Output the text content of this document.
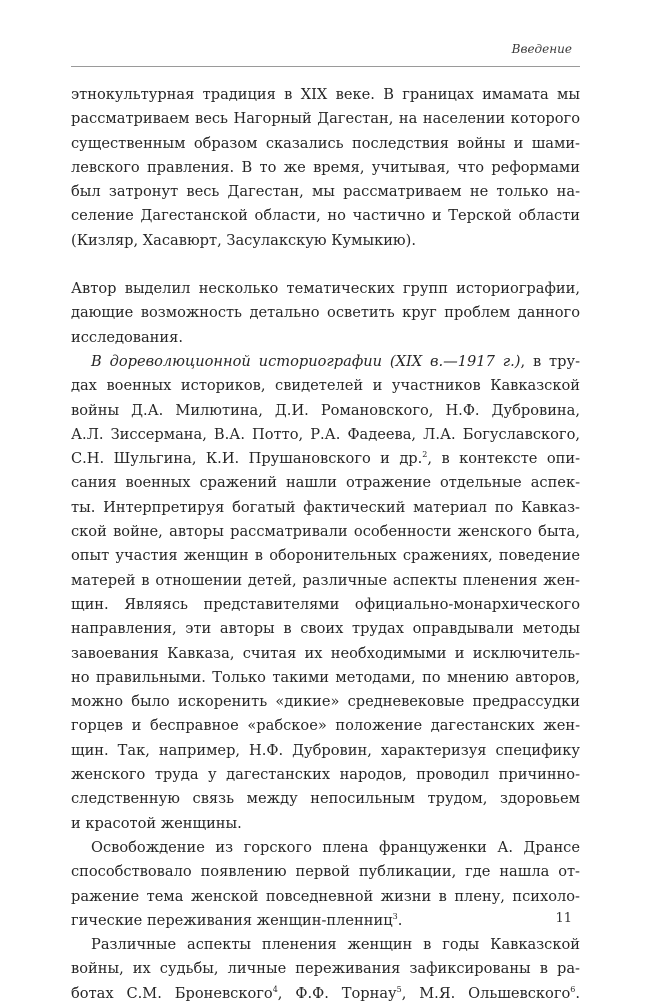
Введение
этнокультурная традиция в XIX веке. В границах имамата мы
рассматриваем весь Нагорный Дагестан, на населении которого
существенным образом сказались последствия войны и шами-
левского правления. В то же время, учитывая, что реформами
был затронут весь Дагестан, мы рассматриваем не только на-
селение Дагестанской области, но частично и Терской области
(Кизляр, Хасавюрт, Засулакскую Кумыкию).
Автор выделил несколько тематических групп историографии,
дающие возможность детально осветить круг проблем данного
исследования.
В дореволюционной историографии (XIX в.—1917 г.), в тру-
дах военных историков, свидетелей и участников Кавказской
войны Д.А. Милютина, Д.И. Романовского, Н.Ф. Дубровина,
А.Л. Зиссермана, В.А. Потто, Р.А. Фадеева, Л.А. Богуславского,
С.Н. Шульгина, К.И. Прушановского и др.$^2$, в контексте опи-
сания военных сражений нашли отражение отдельные аспек-
ты. Интерпретируя богатый фактический материал по Кавказ-
ской войне, авторы рассматривали особенности женского быта,
опыт участия женщин в оборонительных сражениях, поведение
матерей в отношении детей, различные аспекты пленения жен-
щин. Являясь представителями официально-монархического
направления, эти авторы в своих трудах оправдывали методы
завоевания Кавказа, считая их необходимыми и исключитель-
но правильными. Только такими методами, по мнению авторов,
можно было искоренить «дикие» средневековые предрассудки
горцев и бесправное «рабское» положение дагестанских жен-
щин. Так, например, Н.Ф. Дубровин, характеризуя специфику
женского труда у дагестанских народов, проводил причинно-
следственную связь между непосильным трудом, здоровьем
и красотой женщины.
Освобождение из горского плена француженки А. Дрансе
способствовало появлению первой публикации, где нашла от-
ражение тема женской повседневной жизни в плену, психоло-
гические переживания женщин-пленниц$^3$.
Различные аспекты пленения женщин в годы Кавказской
войны, их судьбы, личные переживания зафиксированы в ра-
ботах С.М. Броневского$^4$, Ф.Ф. Торнау$^5$, М.Я. Ольшевского$^6$.
11
